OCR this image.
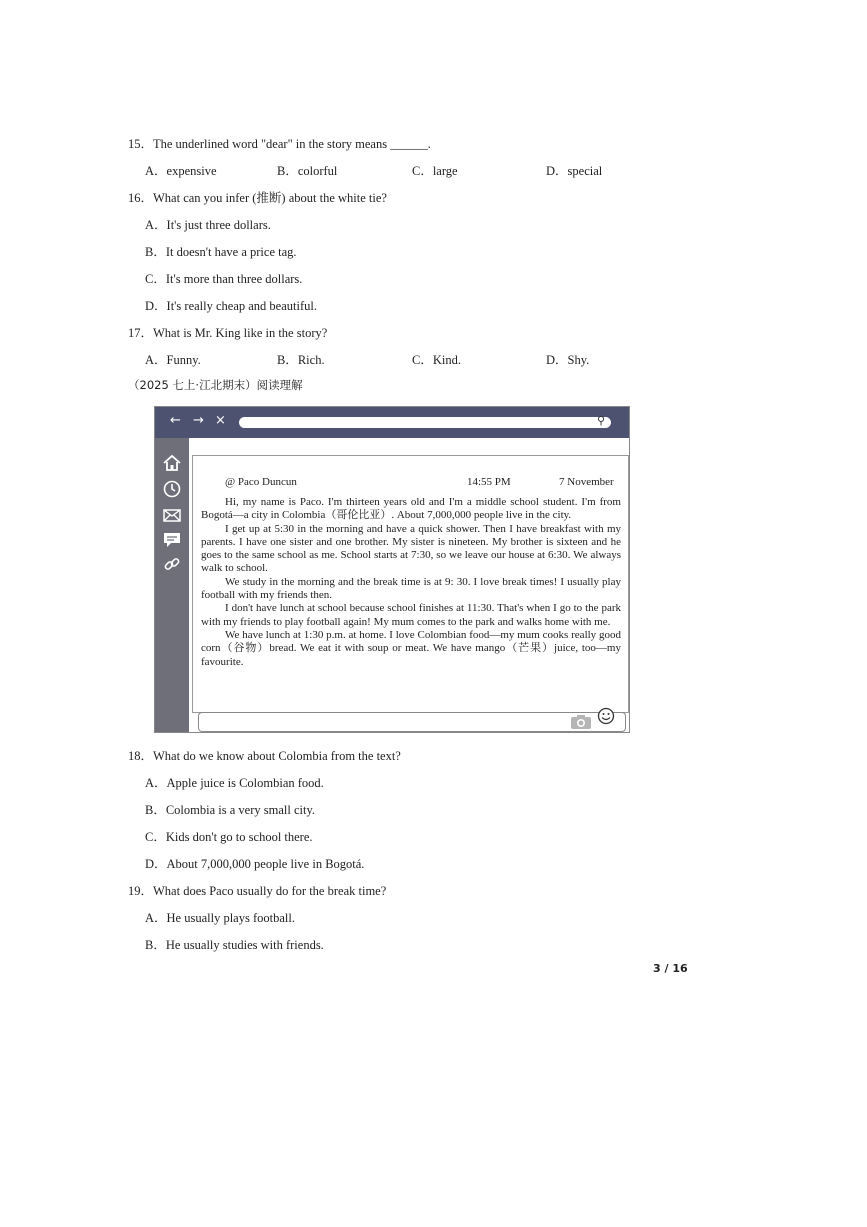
15．The underlined word "dear" in the story means ______.
A．expensive	B．colorful	C．large	D．special
16．What can you infer (推断) about the white tie?
A．It's just three dollars.
B．It doesn't have a price tag.
C．It's more than three dollars.
D．It's really cheap and beautiful.
17．What is Mr. King like in the story?
A．Funny.	B．Rich.	C．Kind.	D．Shy.
（2025 七上·江北期末）阅读理解
← → ×	⚲
@ Paco Duncun	14:55 PM	7 November

Hi, my name is Paco. I'm thirteen years old and I'm a middle school student. I'm from Bogotá—a city in Colombia（哥伦比亚）. About 7,000,000 people live in the city.

I get up at 5:30 in the morning and have a quick shower. Then I have breakfast with my parents. I have one sister and one brother. My sister is nineteen. My brother is sixteen and he goes to the same school as me. School starts at 7:30, so we leave our house at 6:30. We always walk to school.

We study in the morning and the break time is at 9: 30. I love break times! I usually play football with my friends then.

I don't have lunch at school because school finishes at 11:30. That's when I go to the park with my friends to play football again! My mum comes to the park and walks home with me.

We have lunch at 1:30 p.m. at home. I love Colombian food—my mum cooks really good corn（谷物）bread. We eat it with soup or meat. We have mango（芒果）juice, too—my favourite.

18．What do we know about Colombia from the text?
A．Apple juice is Colombian food.
B．Colombia is a very small city.
C．Kids don't go to school there.
D．About 7,000,000 people live in Bogotá.
19．What does Paco usually do for the break time?
A．He usually plays football.
B．He usually studies with friends.
3 / 16
